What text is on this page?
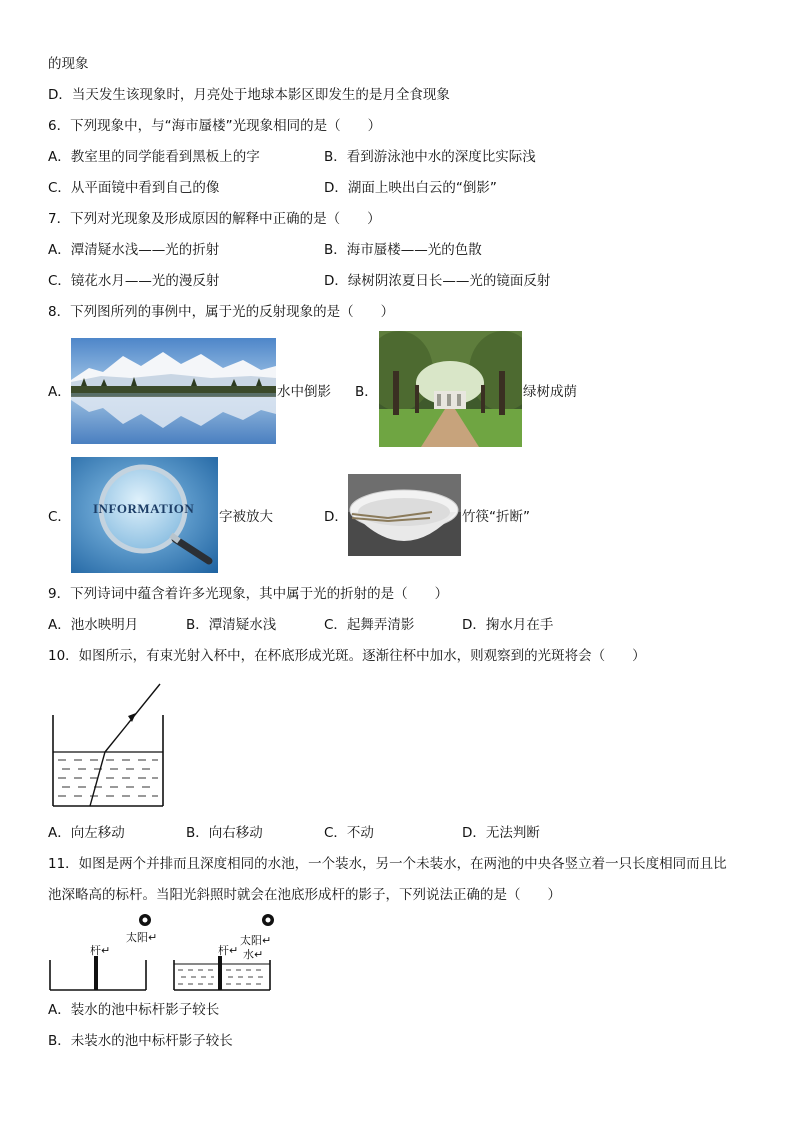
的现象
D．当天发生该现象时，月亮处于地球本影区即发生的是月全食现象
6．下列现象中，与“海市蜃楼”光现象相同的是（　　）
A．教室里的同学能看到黑板上的字	B．看到游泳池中水的深度比实际浅
C．从平面镜中看到自己的像	D．湖面上映出白云的“倒影”
7．下列对光现象及形成原因的解释中正确的是（　　）
A．潭清疑水浅——光的折射	B．海市蜃楼——光的色散
C．镜花水月——光的漫反射	D．绿树阴浓夏日长——光的镜面反射
8．下列图所列的事例中，属于光的反射现象的是（　　）
A．	水中倒影 B．	绿树成荫
C．
INFORMATION
字被放大	D．	竹筷“折断”
9．下列诗词中蕴含着许多光现象，其中属于光的折射的是（　　）
A．池水映明月	B．潭清疑水浅	C．起舞弄清影	D．掬水月在手
10．如图所示，有束光射入杯中，在杯底形成光斑。逐渐往杯中加水，则观察到的光斑将会（　　）
A．向左移动	B．向右移动	C．不动	D．无法判断
11．如图是两个并排而且深度相同的水池，一个装水，另一个未装水，在两池的中央各竖立着一只长度相同而且比
池深略高的标杆。当阳光斜照时就会在池底形成杆的影子，下列说法正确的是（　　）
太阳↵
杆↵
太阳↵
杆↵ 水↵
A．装水的池中标杆影子较长
B．未装水的池中标杆影子较长
